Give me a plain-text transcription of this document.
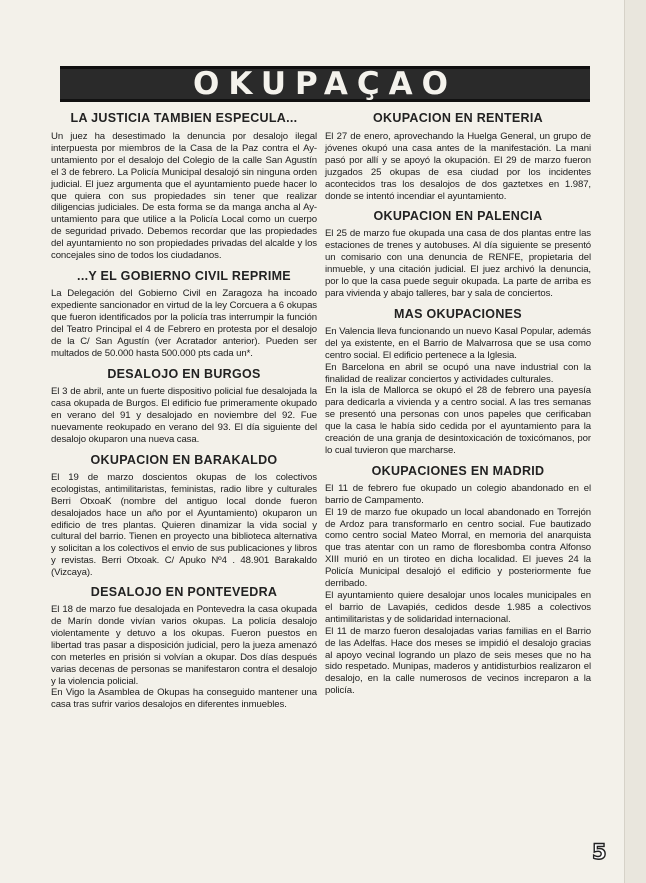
OKUPAÇAO
LA JUSTICIA TAMBIEN ESPECULA...

Un juez ha desestimado la denuncia por desalojo ilegal interpuesta por miembros de la Casa de la Paz contra el Ay-untamiento por el desalojo del Colegio de la calle San Agustín el 3 de febrero. La Policía Municipal desalojó sin ninguna orden judicial. El juez argumenta que el ayuntamiento puede hacer lo que quiera con sus propiedades sin tener que realizar diligencias judiciales. De esta forma se da manga ancha al Ay-untamiento para que utilice a la Policía Local como un cuerpo de seguridad privado. Debemos recordar que las propiedades del ayuntamiento no son propiedades privadas del alcalde y los concejales sino de todos los ciudadanos.

...Y EL GOBIERNO CIVIL REPRIME

La Delegación del Gobierno Civil en Zaragoza ha incoado expediente sancionador en virtud de la ley Corcuera a 6 okupas que fueron identificados por la policía tras interrumpir la función del Teatro Principal el 4 de Febrero en protesta por el desalojo de la C/ San Agustín (ver Acratador anterior). Pueden ser multados de 50.000 hasta 500.000 pts cada un*.

DESALOJO EN BURGOS

El 3 de abril, ante un fuerte dispositivo policial fue desalojada la casa okupada de Burgos. El edificio fue primeramente okupado en verano del 91 y desalojado en noviembre del 92. Fue nuevamente reokupado en verano del 93. El día siguiente del desalojo okuparon una nueva casa.

OKUPACION EN BARAKALDO

El 19 de marzo doscientos okupas de los colectivos ecologistas, antimilitaristas, feministas, radio libre y culturales Berri OtxoaK (nombre del antiguo local donde fueron desalojados hace un año por el Ayuntamiento) okuparon un edificio de tres plantas. Quieren dinamizar la vida social y cultural del barrio. Tienen en proyecto una biblioteca alternativa y solicitan a los colectivos el envio de sus publicaciones y libros y revistas. Berri Otxoak. C/ Apuko Nº4 . 48.901 Barakaldo (Vizcaya).

DESALOJO EN PONTEVEDRA

El 18 de marzo fue desalojada en Pontevedra la casa okupada de Marín donde vivían varios okupas. La policía desalojo violentamente y detuvo a los okupas. Fueron puestos en libertad tras pasar a disposición judicial, pero la jueza amenazó con meterles en prisión si volvían a okupar. Dos días después varias decenas de personas se manifestaron contra el desalojo y la violencia policial.

En Vigo la Asamblea de Okupas ha conseguido mantener una casa tras sufrir varios desalojos en diferentes inmuebles.

OKUPACION EN RENTERIA

El 27 de enero, aprovechando la Huelga General, un grupo de jóvenes okupó una casa antes de la manifestación. La mani pasó por allí y se apoyó la okupación. El 29 de marzo fueron juzgados 25 okupas de esa ciudad por los incidentes acontecidos tras los desalojos de dos gaztetxes en 1.987, donde se intentó incendiar el ayuntamiento.

OKUPACION EN PALENCIA

El 25 de marzo fue okupada una casa de dos plantas entre las estaciones de trenes y autobuses. Al día siguiente se presentó un comisario con una denuncia de RENFE, propietaria del inmueble, y una citación judicial. El juez archivó la denuncia, por lo que la casa puede seguir okupada. La parte de arriba es para vivienda y abajo talleres, bar y sala de conciertos.

MAS OKUPACIONES

En Valencia lleva funcionando un nuevo Kasal Popular, además del ya existente, en el Barrio de Malvarrosa que se usa como centro social. El edificio pertenece a la Iglesia.

En Barcelona en abril se ocupó una nave industrial con la finalidad de realizar conciertos y actividades culturales.

En la isla de Mallorca se okupó el 28 de febrero una payesía para dedicarla a vivienda y a centro social. A las tres semanas se presentó una personas con unos papeles que cerificaban que la casa le había sido cedida por el ayuntamiento para la creación de una granja de desintoxicación de toxicómanos, por lo cual tuvieron que marcharse.

OKUPACIONES EN MADRID

El 11 de febrero fue okupado un colegio abandonado en el barrio de Campamento.

El 19 de marzo fue okupado un local abandonado en Torrejón de Ardoz para transformarlo en centro social. Fue bautizado como centro social Mateo Morral, en memoria del anarquista que tras atentar con un ramo de floresbomba contra Alfonso XIII murió en un tiroteo en dicha localidad. El jueves 24 la Policía Municipal desalojó el edificio y posteriormente fue derribado.

El ayuntamiento quiere desalojar unos locales municipales en el barrio de Lavapiés, cedidos desde 1.985 a colectivos antimilitaristas y de solidaridad internacional.

El 11 de marzo fueron desalojadas varias familias en el Barrio de las Adelfas. Hace dos meses se impidió el desalojo gracias al apoyo vecinal logrando un plazo de seis meses que no ha sido respetado. Munipas, maderos y antidisturbios realizaron el desalojo, en la calle numerosos de vecinos increparon a la policía.

5
